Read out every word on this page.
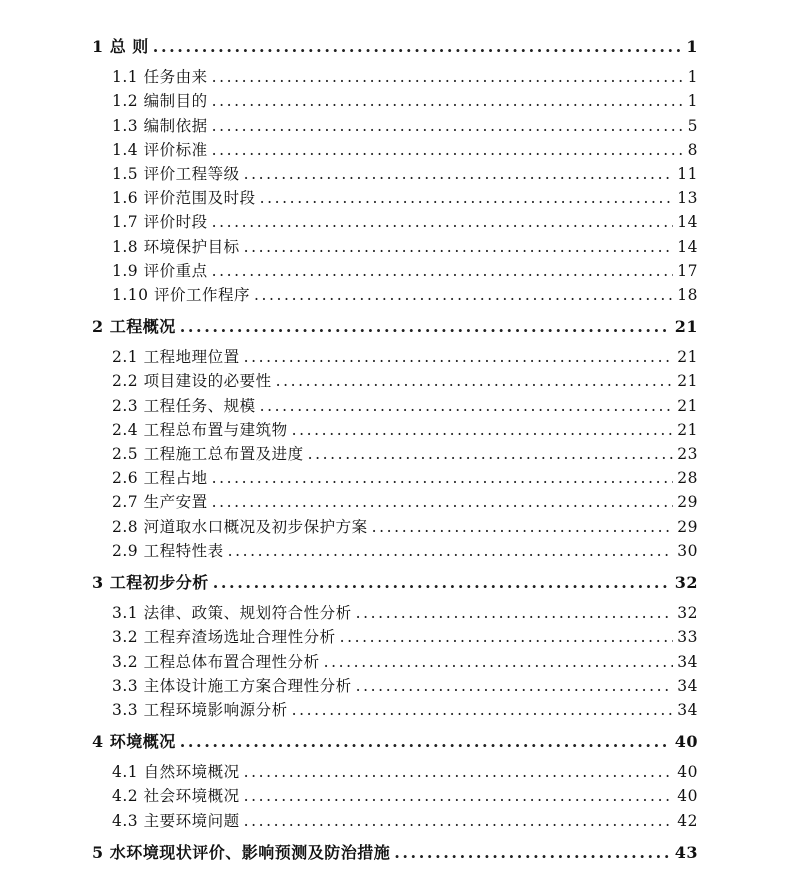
1 总 则 .....	1
1.1 任务由来 .....	1
1.2 编制目的 .....	1
1.3 编制依据 .....	5
1.4 评价标准 .....	8
1.5 评价工程等级 .....	11
1.6 评价范围及时段 .....	13
1.7 评价时段 .....	14
1.8 环境保护目标 .....	14
1.9 评价重点 .....	17
1.10 评价工作程序 .....	18
2 工程概况 .....	21
2.1 工程地理位置 .....	21
2.2 项目建设的必要性 .....	21
2.3 工程任务、规模 .....	21
2.4 工程总布置与建筑物 .....	21
2.5 工程施工总布置及进度 .....	23
2.6 工程占地 .....	28
2.7 生产安置 .....	29
2.8 河道取水口概况及初步保护方案 .....	29
2.9 工程特性表 .....	30
3 工程初步分析 .....	32
3.1 法律、政策、规划符合性分析 .....	32
3.2 工程弃渣场选址合理性分析 .....	33
3.2 工程总体布置合理性分析 .....	34
3.3 主体设计施工方案合理性分析 .....	34
3.3 工程环境影响源分析 .....	34
4 环境概况 .....	40
4.1 自然环境概况 .....	40
4.2 社会环境概况 .....	40
4.3 主要环境问题 .....	42
5 水环境现状评价、影响预测及防治措施 .....	43
